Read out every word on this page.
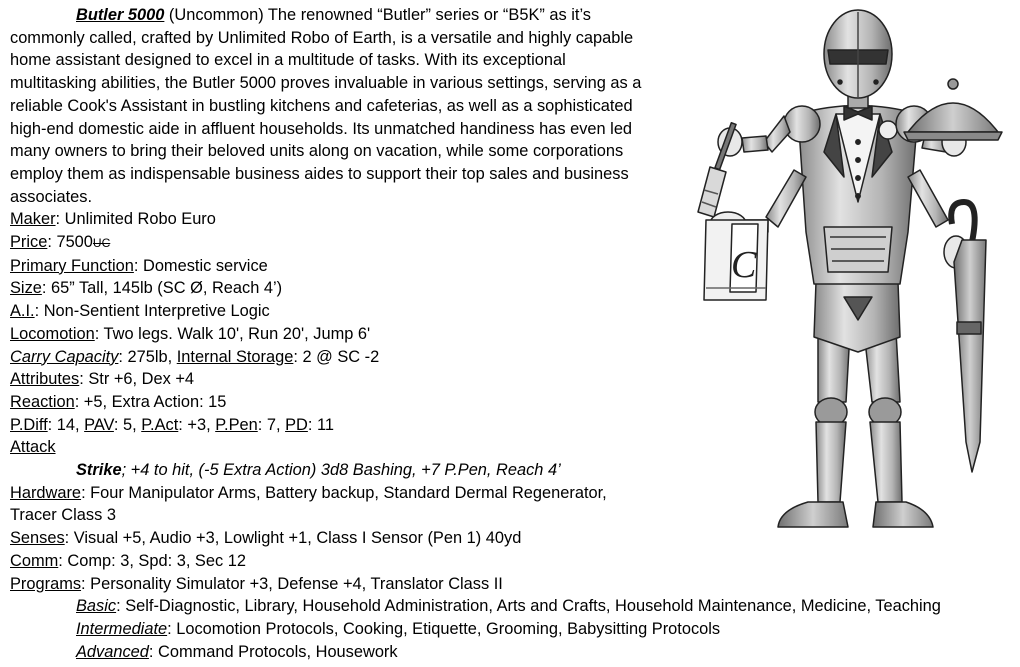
Butler 5000 (Uncommon) The renowned “Butler” series or “B5K” as it’s commonly called, crafted by Unlimited Robo of Earth, is a versatile and highly capable home assistant designed to excel in a multitude of tasks. With its exceptional multitasking abilities, the Butler 5000 proves invaluable in various settings, serving as a reliable Cook's Assistant in bustling kitchens and cafeterias, as well as a sophisticated high-end domestic aide in affluent households. Its unmatched handiness has even led many owners to bring their beloved units along on vacation, while some corporations employ them as indispensable business aides to support their top sales and business associates.
Maker: Unlimited Robo Euro
Price: 7500UC
Primary Function: Domestic service
Size: 65” Tall, 145lb (SC Ø, Reach 4’)
A.I.: Non-Sentient Interpretive Logic
Locomotion: Two legs. Walk 10', Run 20', Jump 6'
Carry Capacity: 275lb, Internal Storage: 2 @ SC -2
Attributes: Str +6, Dex +4
Reaction: +5, Extra Action: 15
P.Diff: 14, PAV: 5, P.Act: +3, P.Pen: 7, PD: 11
Attack
Strike; +4 to hit, (-5 Extra Action) 3d8 Bashing, +7 P.Pen, Reach 4’
Hardware: Four Manipulator Arms, Battery backup, Standard Dermal Regenerator, Tracer Class 3
Senses: Visual +5, Audio +3, Lowlight +1, Class I Sensor (Pen 1) 40yd
Comm: Comp: 3, Spd: 3, Sec 12
Programs: Personality Simulator +3, Defense +4, Translator Class II
Basic: Self-Diagnostic, Library, Household Administration, Arts and Crafts, Household Maintenance, Medicine, Teaching
Intermediate: Locomotion Protocols, Cooking, Etiquette, Grooming, Babysitting Protocols
Advanced: Command Protocols, Housework
C
